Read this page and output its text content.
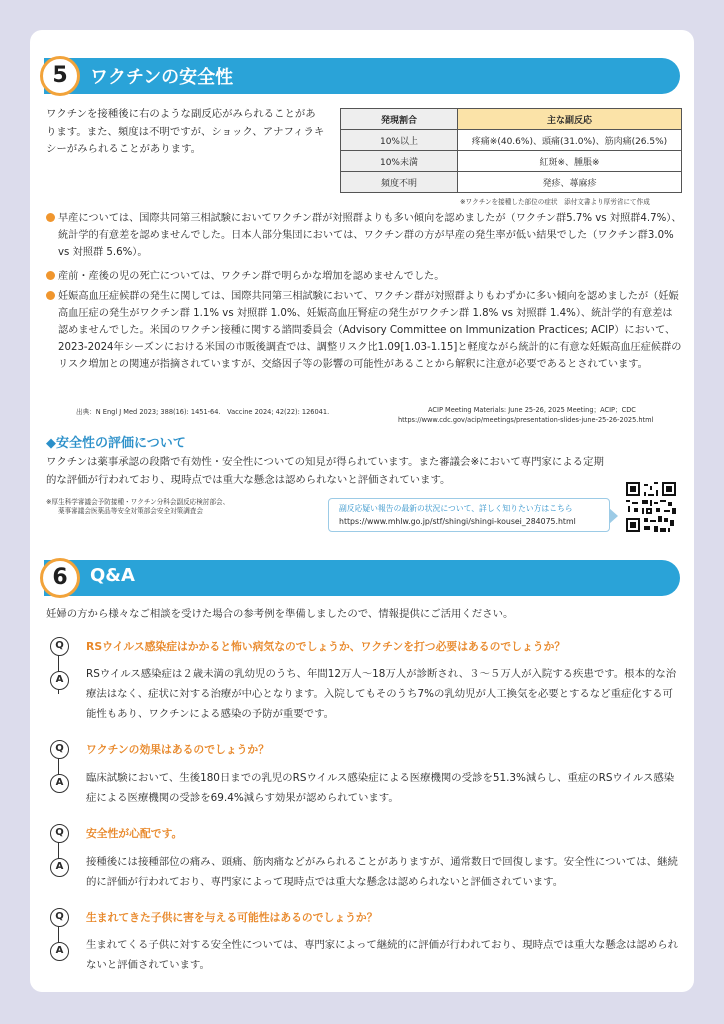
5	ワクチンの安全性
ワクチンを接種後に右のような副反応がみられることがあります。また、頻度は不明ですが、ショック、アナフィラキシーがみられることがあります。
発現割合	主な副反応
10%以上	疼痛※(40.6%)、頭痛(31.0%)、筋肉痛(26.5%)
10%未満	紅斑※、腫脹※
頻度不明	発疹、蕁麻疹
※ワクチンを接種した部位の症状　添付文書より厚労省にて作成
早産については、国際共同第三相試験においてワクチン群が対照群よりも多い傾向を認めましたが（ワクチン群5.7% vs 対照群4.7%）、統計学的有意差を認めませんでした。日本人部分集団においては、ワクチン群の方が早産の発生率が低い結果でした（ワクチン群3.0% vs 対照群 5.6%）。
産前・産後の児の死亡については、ワクチン群で明らかな増加を認めませんでした。
妊娠高血圧症候群の発生に関しては、国際共同第三相試験において、ワクチン群が対照群よりもわずかに多い傾向を認めましたが（妊娠高血圧症の発生がワクチン群 1.1% vs 対照群 1.0%、妊娠高血圧腎症の発生がワクチン群 1.8% vs 対照群 1.4%）、統計学的有意差は認めませんでした。米国のワクチン接種に関する諮問委員会（Advisory Committee on Immunization Practices; ACIP）において、2023-2024年シーズンにおける米国の市販後調査では、調整リスク比1.09[1.03-1.15]と軽度ながら統計的に有意な妊娠高血圧症候群のリスク増加との関連が指摘されていますが、交絡因子等の影響の可能性があることから解釈に注意が必要であるとされています。
出典：N Engl J Med 2023; 388(16): 1451-64.　Vaccine 2024; 42(22): 126041.	ACIP Meeting Materials: June 25-26, 2025 Meeting；ACIP；CDC
https://www.cdc.gov/acip/meetings/presentation-slides-june-25-26-2025.html
◆安全性の評価について
ワクチンは薬事承認の段階で有効性・安全性についての知見が得られています。また審議会※において専門家による定期的な評価が行われており、現時点では重大な懸念は認められないと評価されています。
※厚生科学審議会予防接種・ワクチン分科会副反応検討部会、
薬事審議会医薬品等安全対策部会安全対策調査会	副反応疑い報告の最新の状況について、詳しく知りたい方はこちら
https://www.mhlw.go.jp/stf/shingi/shingi-kousei_284075.html
6	Q&A
妊婦の方から様々なご相談を受けた場合の参考例を準備しましたので、情報提供にご活用ください。
Q	RSウイルス感染症はかかると怖い病気なのでしょうか、ワクチンを打つ必要はあるのでしょうか？
A	RSウイルス感染症は２歳未満の乳幼児のうち、年間12万人～18万人が診断され、３～５万人が入院する疾患です。根本的な治療法はなく、症状に対する治療が中心となります。入院してもそのうち7%の乳幼児が人工換気を必要とするなど重症化する可能性もあり、ワクチンによる感染の予防が重要です。
Q	ワクチンの効果はあるのでしょうか？
A	臨床試験において、生後180日までの乳児のRSウイルス感染症による医療機関の受診を51.3%減らし、重症のRSウイルス感染症による医療機関の受診を69.4%減らす効果が認められています。
Q	安全性が心配です。
A	接種後には接種部位の痛み、頭痛、筋肉痛などがみられることがありますが、通常数日で回復します。安全性については、継続的に評価が行われており、専門家によって現時点では重大な懸念は認められないと評価されています。
Q	生まれてきた子供に害を与える可能性はあるのでしょうか？
A	生まれてくる子供に対する安全性については、専門家によって継続的に評価が行われており、現時点では重大な懸念は認められないと評価されています。
